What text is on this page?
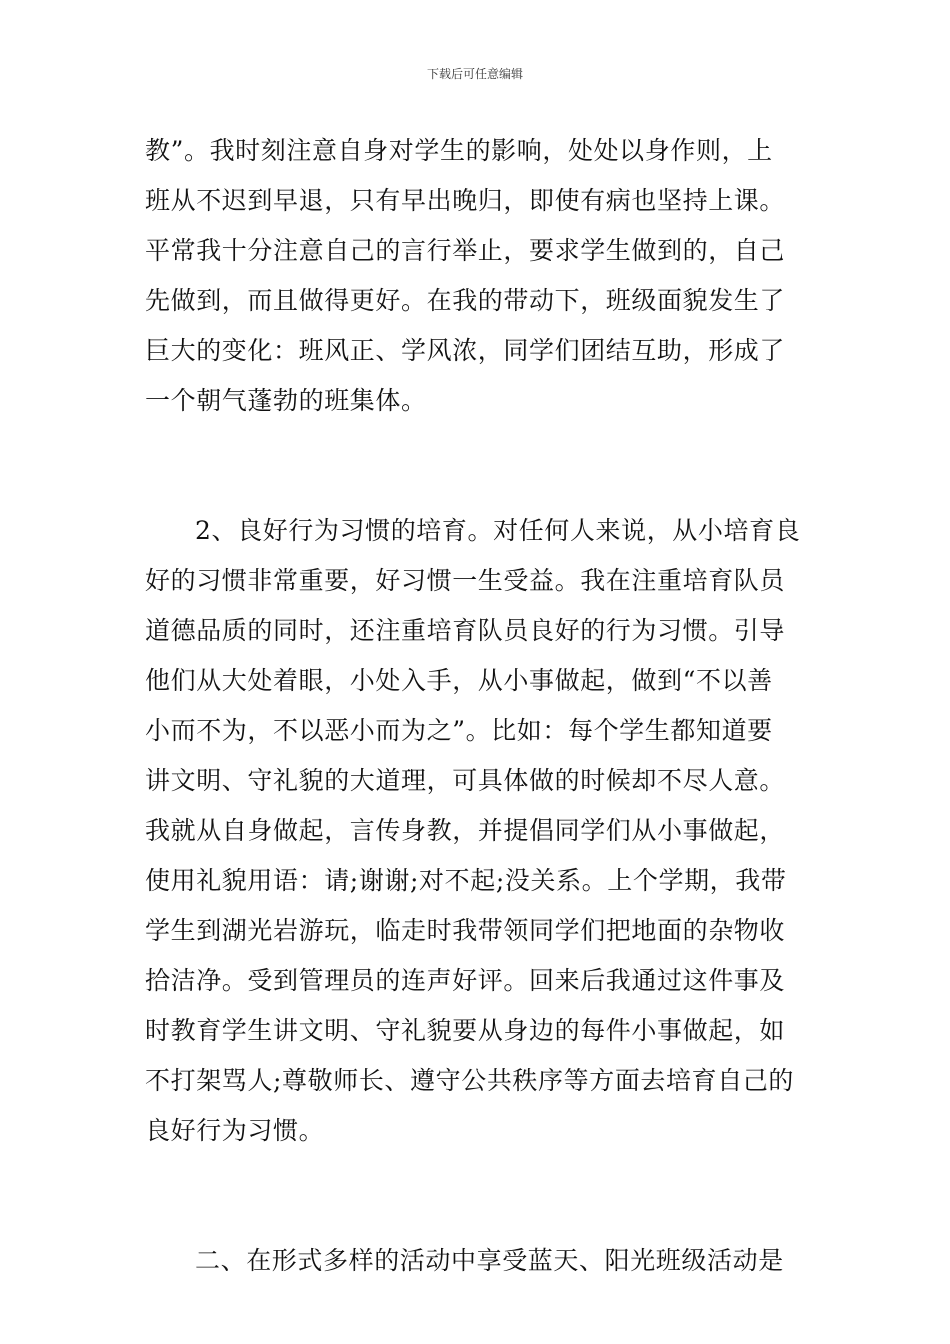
下载后可任意编辑
教”。我时刻注意自身对学生的影响，处处以身作则，上
班从不迟到早退，只有早出晚归，即使有病也坚持上课。
平常我十分注意自己的言行举止，要求学生做到的，自己
先做到，而且做得更好。在我的带动下，班级面貌发生了
巨大的变化：班风正、学风浓，同学们团结互助，形成了
一个朝气蓬勃的班集体。
2、良好行为习惯的培育。对任何人来说，从小培育良
好的习惯非常重要，好习惯一生受益。我在注重培育队员
道德品质的同时，还注重培育队员良好的行为习惯。引导
他们从大处着眼，小处入手，从小事做起，做到“不以善
小而不为，不以恶小而为之”。比如：每个学生都知道要
讲文明、守礼貌的大道理，可具体做的时候却不尽人意。
我就从自身做起，言传身教，并提倡同学们从小事做起，
使用礼貌用语：请;谢谢;对不起;没关系。上个学期，我带
学生到湖光岩游玩，临走时我带领同学们把地面的杂物收
拾洁净。受到管理员的连声好评。回来后我通过这件事及
时教育学生讲文明、守礼貌要从身边的每件小事做起，如
不打架骂人;尊敬师长、遵守公共秩序等方面去培育自己的
良好行为习惯。
二、在形式多样的活动中享受蓝天、阳光班级活动是
